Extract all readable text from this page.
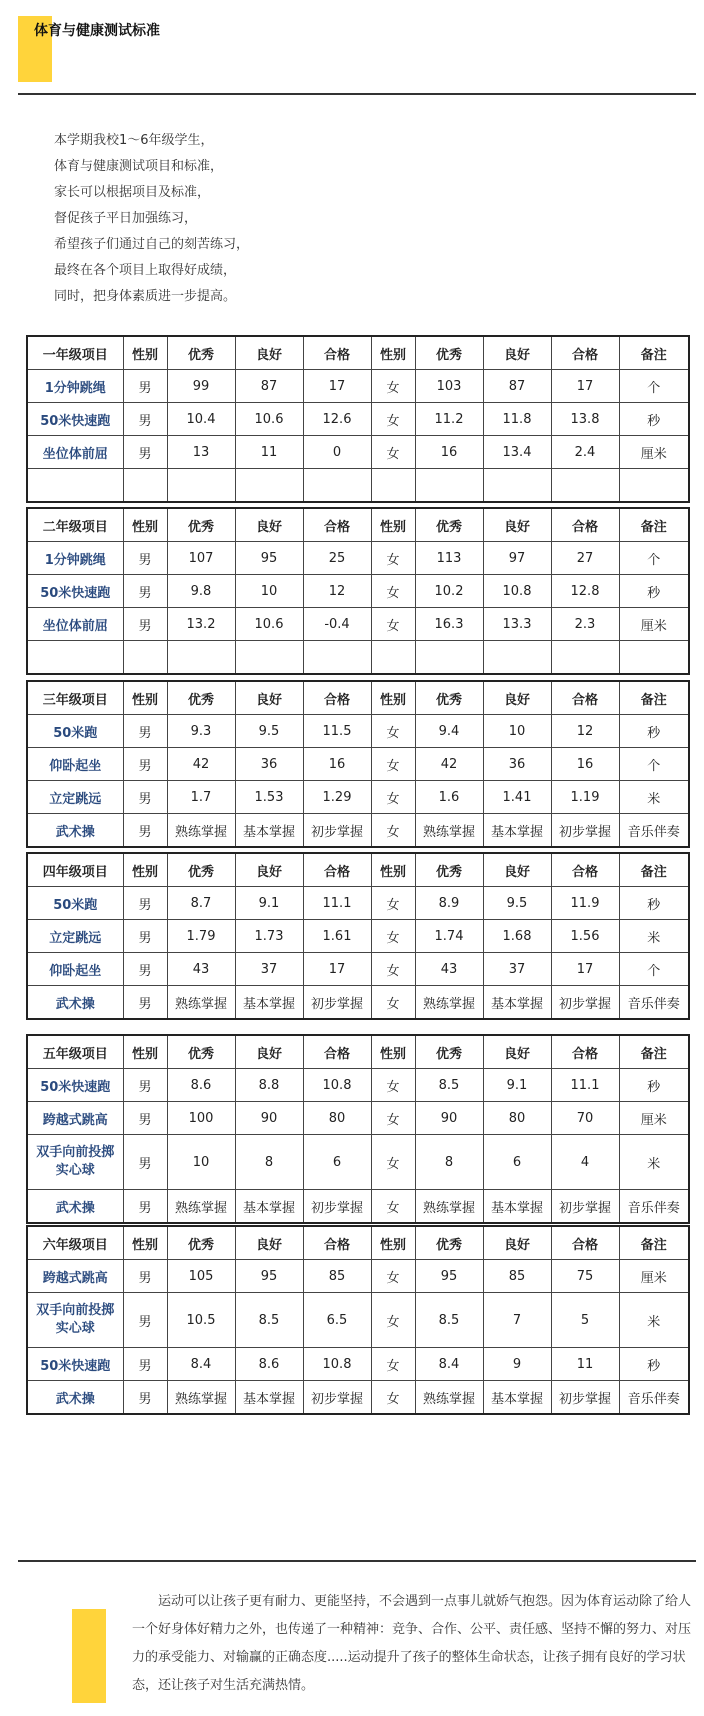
体育与健康测试标准
本学期我校1～6年级学生，
体育与健康测试项目和标准，
家长可以根据项目及标准，
督促孩子平日加强练习，
希望孩子们通过自己的刻苦练习，
最终在各个项目上取得好成绩，
同时，把身体素质进一步提高。
一年级项目	性别	优秀	良好	合格	性别	优秀	良好	合格	备注
1分钟跳绳	男	99	87	17	女	103	87	17	个
50米快速跑	男	10.4	10.6	12.6	女	11.2	11.8	13.8	秒
坐位体前屈	男	13	11	0	女	16	13.4	2.4	厘米

二年级项目	性别	优秀	良好	合格	性别	优秀	良好	合格	备注
1分钟跳绳	男	107	95	25	女	113	97	27	个
50米快速跑	男	9.8	10	12	女	10.2	10.8	12.8	秒
坐位体前屈	男	13.2	10.6	-0.4	女	16.3	13.3	2.3	厘米

三年级项目	性别	优秀	良好	合格	性别	优秀	良好	合格	备注
50米跑	男	9.3	9.5	11.5	女	9.4	10	12	秒
仰卧起坐	男	42	36	16	女	42	36	16	个
立定跳远	男	1.7	1.53	1.29	女	1.6	1.41	1.19	米
武术操	男	熟练掌握	基本掌握	初步掌握	女	熟练掌握	基本掌握	初步掌握	音乐伴奏
四年级项目	性别	优秀	良好	合格	性别	优秀	良好	合格	备注
50米跑	男	8.7	9.1	11.1	女	8.9	9.5	11.9	秒
立定跳远	男	1.79	1.73	1.61	女	1.74	1.68	1.56	米
仰卧起坐	男	43	37	17	女	43	37	17	个
武术操	男	熟练掌握	基本掌握	初步掌握	女	熟练掌握	基本掌握	初步掌握	音乐伴奏
五年级项目	性别	优秀	良好	合格	性别	优秀	良好	合格	备注
50米快速跑	男	8.6	8.8	10.8	女	8.5	9.1	11.1	秒
跨越式跳高	男	100	90	80	女	90	80	70	厘米
双手向前投掷
实心球	男	10	8	6	女	8	6	4	米
武术操	男	熟练掌握	基本掌握	初步掌握	女	熟练掌握	基本掌握	初步掌握	音乐伴奏
六年级项目	性别	优秀	良好	合格	性别	优秀	良好	合格	备注
跨越式跳高	男	105	95	85	女	95	85	75	厘米
双手向前投掷
实心球	男	10.5	8.5	6.5	女	8.5	7	5	米
50米快速跑	男	8.4	8.6	10.8	女	8.4	9	11	秒
武术操	男	熟练掌握	基本掌握	初步掌握	女	熟练掌握	基本掌握	初步掌握	音乐伴奏
运动可以让孩子更有耐力、更能坚持，不会遇到一点事儿就娇气抱怨。因为体育运动除了给人一个好身体好精力之外，也传递了一种精神：竞争、合作、公平、责任感、坚持不懈的努力、对压力的承受能力、对输赢的正确态度.....运动提升了孩子的整体生命状态，让孩子拥有良好的学习状态，还让孩子对生活充满热情。
